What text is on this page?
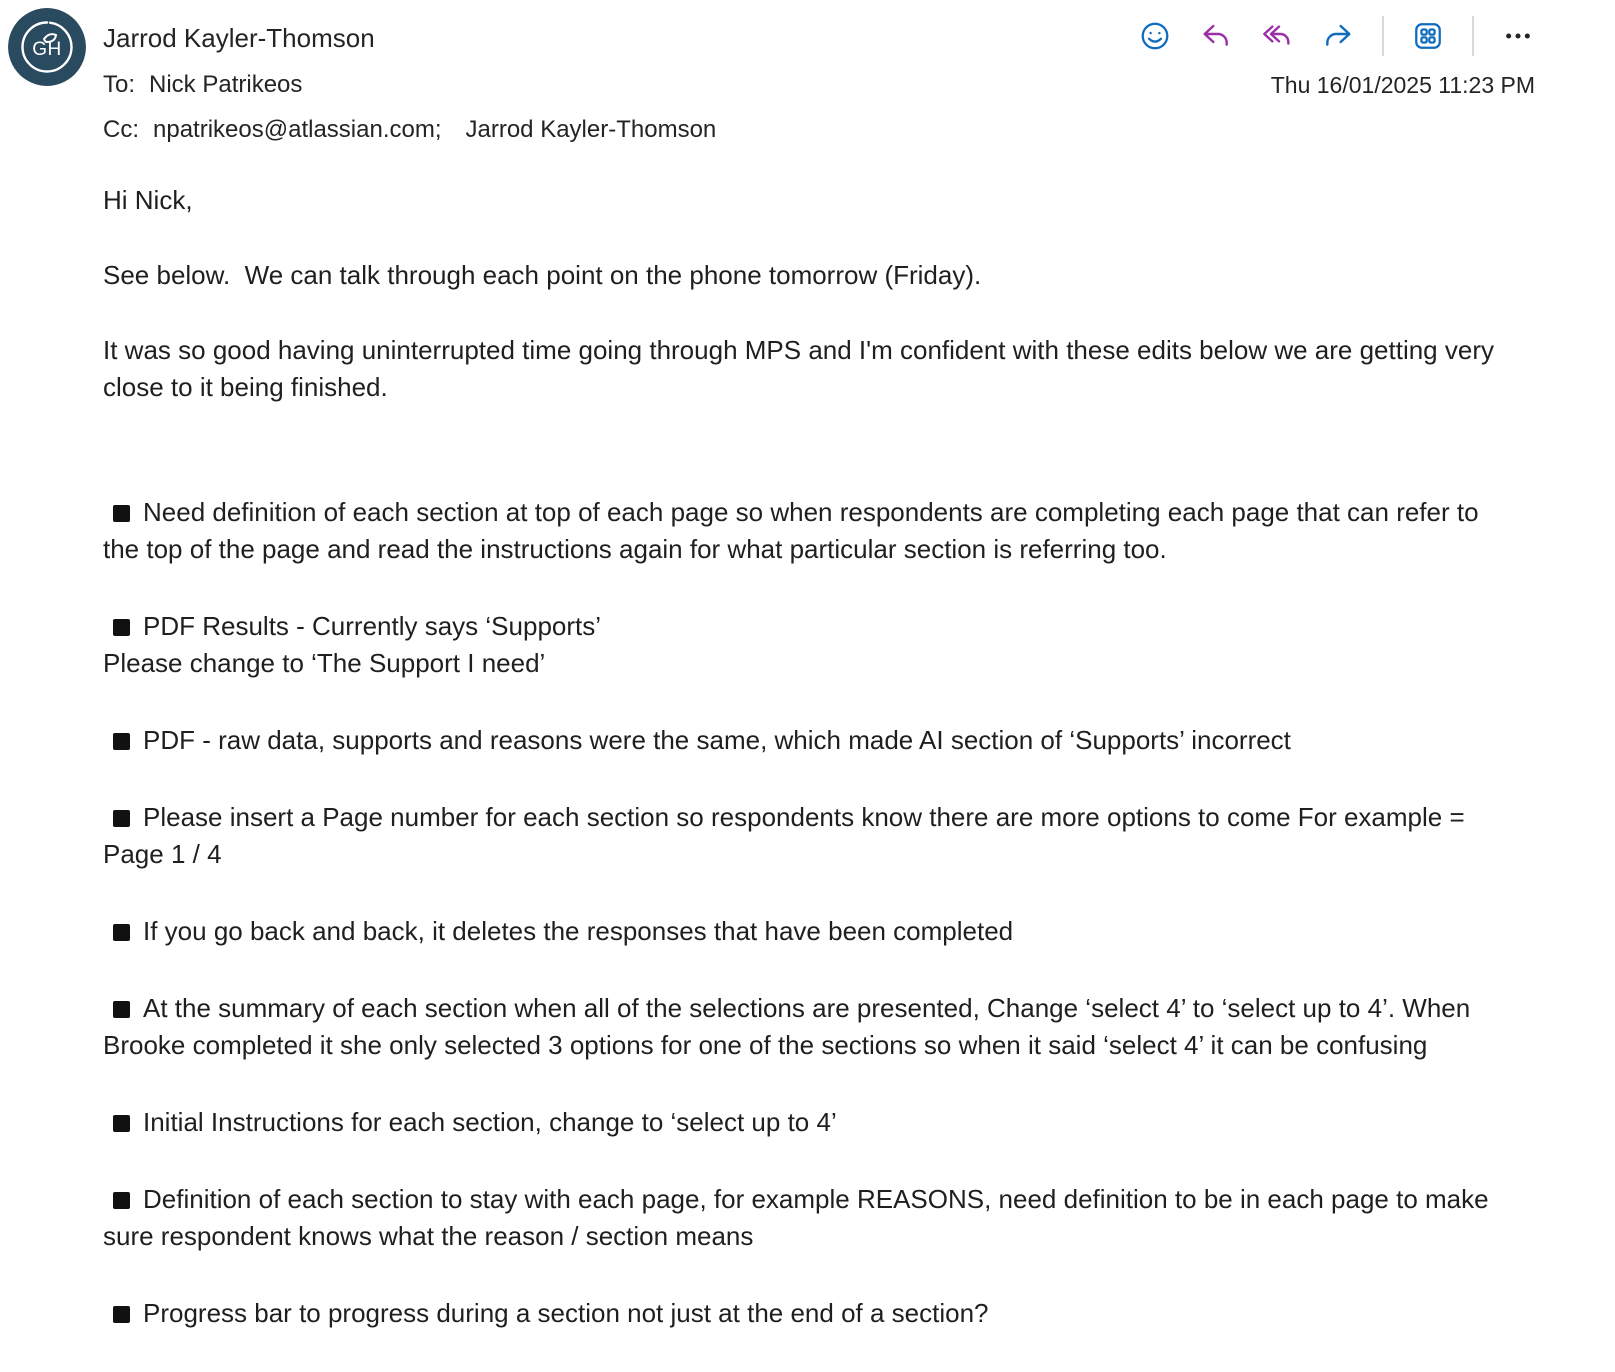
GH Jarrod Kayler-Thomson
To: Nick Patrikeos
Cc: npatrikeos@atlassian.com; Jarrod Kayler-Thomson
Thu 16/01/2025 11:23 PM

Hi Nick,

See below.  We can talk through each point on the phone tomorrow (Friday).

It was so good having uninterrupted time going through MPS and I'm confident with these edits below we are getting very close to it being finished.

Need definition of each section at top of each page so when respondents are completing each page that can refer to the top of the page and read the instructions again for what particular section is referring too.

PDF Results - Currently says ‘Supports’

Please change to ‘The Support I need’

PDF - raw data, supports and reasons were the same, which made AI section of ‘Supports’ incorrect

Please insert a Page number for each section so respondents know there are more options to come For example = Page 1 / 4

If you go back and back, it deletes the responses that have been completed

At the summary of each section when all of the selections are presented, Change ‘select 4’ to ‘select up to 4’. When Brooke completed it she only selected 3 options for one of the sections so when it said ‘select 4’ it can be confusing

Initial Instructions for each section, change to ‘select up to 4’

Definition of each section to stay with each page, for example REASONS, need definition to be in each page to make sure respondent knows what the reason / section means

Progress bar to progress during a section not just at the end of a section?
